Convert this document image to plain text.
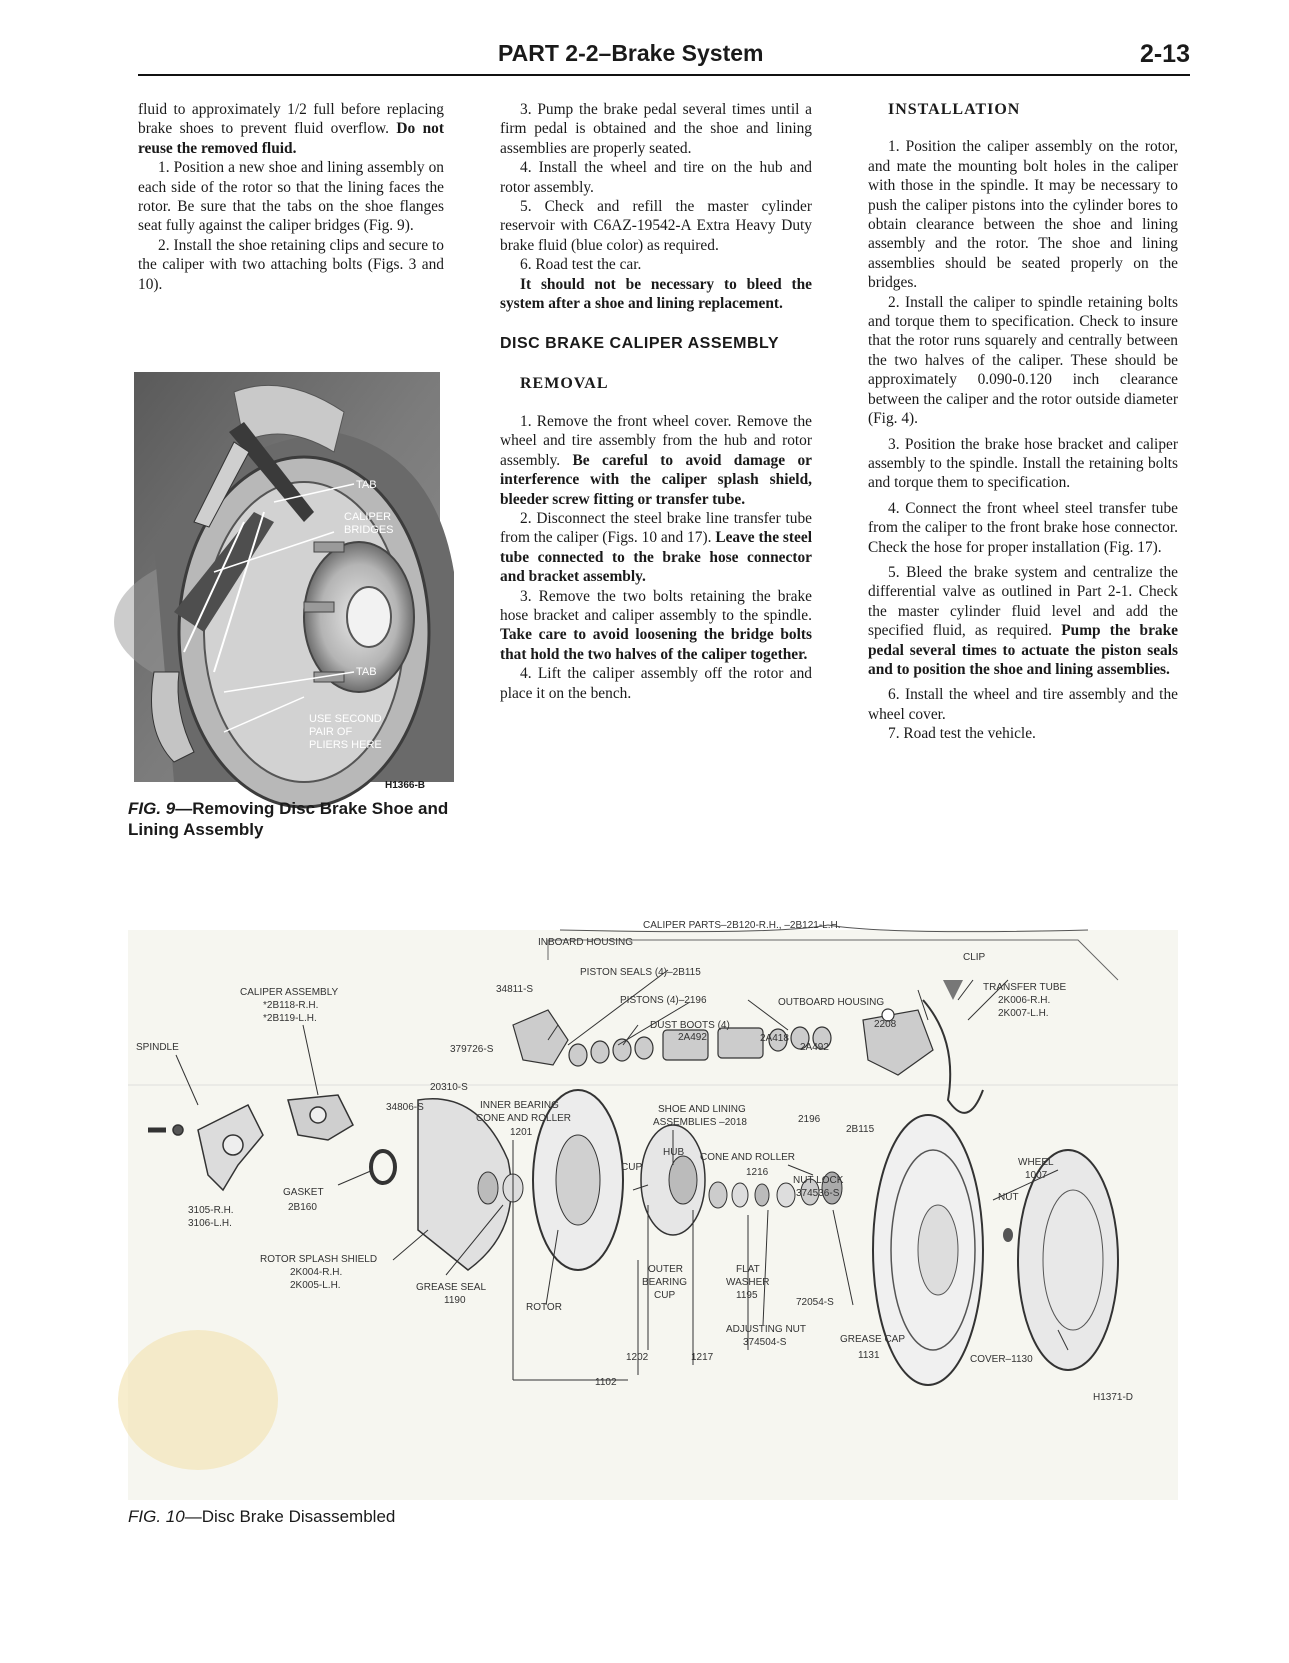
PART 2-2–Brake System	2-13

fluid to approximately 1/2 full before replacing brake shoes to prevent fluid overflow. Do not reuse the removed fluid.

1. Position a new shoe and lining assembly on each side of the rotor so that the lining faces the rotor. Be sure that the tabs on the shoe flanges seat fully against the caliper bridges (Fig. 9).

2. Install the shoe retaining clips and secure to the caliper with two attaching bolts (Figs. 3 and 10).

TAB
CALIPER
BRIDGES
TAB
USE SECOND
PAIR OF
PLIERS HERE
H1366-B
FIG. 9—Removing Disc Brake Shoe and Lining Assembly

3. Pump the brake pedal several times until a firm pedal is obtained and the shoe and lining assemblies are properly seated.

4. Install the wheel and tire on the hub and rotor assembly.

5. Check and refill the master cylinder reservoir with C6AZ-19542-A Extra Heavy Duty brake fluid (blue color) as required.

6. Road test the car.

It should not be necessary to bleed the system after a shoe and lining replacement.

DISC BRAKE CALIPER ASSEMBLY

REMOVAL

1. Remove the front wheel cover. Remove the wheel and tire assembly from the hub and rotor assembly. Be careful to avoid damage or interference with the caliper splash shield, bleeder screw fitting or transfer tube.

2. Disconnect the steel brake line transfer tube from the caliper (Figs. 10 and 17). Leave the steel tube connected to the brake hose connector and bracket assembly.

3. Remove the two bolts retaining the brake hose bracket and caliper assembly to the spindle. Take care to avoid loosening the bridge bolts that hold the two halves of the caliper together.

4. Lift the caliper assembly off the rotor and place it on the bench.

INSTALLATION

1. Position the caliper assembly on the rotor, and mate the mounting bolt holes in the caliper with those in the spindle. It may be necessary to push the caliper pistons into the cylinder bores to obtain clearance between the shoe and lining assembly and the rotor. The shoe and lining assemblies should be seated properly on the bridges.

2. Install the caliper to spindle retaining bolts and torque them to specification. Check to insure that the rotor runs squarely and centrally between the two halves of the caliper. These should be approximately 0.090-0.120 inch clearance between the caliper and the rotor outside diameter (Fig. 4).

3. Position the brake hose bracket and caliper assembly to the spindle. Install the retaining bolts and torque them to specification.

4. Connect the front wheel steel transfer tube from the caliper to the front brake hose connector. Check the hose for proper installation (Fig. 17).

5. Bleed the brake system and centralize the differential valve as outlined in Part 2-1. Check the master cylinder fluid level and add the specified fluid, as required. Pump the brake pedal several times to actuate the piston seals and to position the shoe and lining assemblies.

6. Install the wheel and tire assembly and the wheel cover.

7. Road test the vehicle.

CALIPER PARTS–2B120-R.H., –2B121-L.H.
INBOARD HOUSING
PISTON SEALS (4)–2B115
PISTONS (4)–2196
DUST BOOTS (4)
2A492
OUTBOARD HOUSING
CLIP
TRANSFER TUBE
2K006-R.H.
2K007-L.H.
CALIPER ASSEMBLY
*2B118-R.H.
*2B119-L.H.
34811-S
379726-S
2A418
2A492
2208
SPINDLE
20310-S
34806-S	INNER BEARING
CONE AND ROLLER
1201
SHOE AND LINING
ASSEMBLIES –2018	2196
2B115
HUB
CUP
CONE AND ROLLER
1216
WHEEL
1007
NUT LOCK
374536-S	NUT
GASKET
2B160
3105-R.H.
3106-L.H.
ROTOR SPLASH SHIELD
2K004-R.H.
2K005-L.H.	GREASE SEAL
1190
ROTOR
OUTER
BEARING
CUP
FLAT
WASHER
1195
72054-S
ADJUSTING NUT
374504-S	GREASE CAP
1131	COVER–1130
1202	1217
1102
H1371-D
FIG. 10—Disc Brake Disassembled
